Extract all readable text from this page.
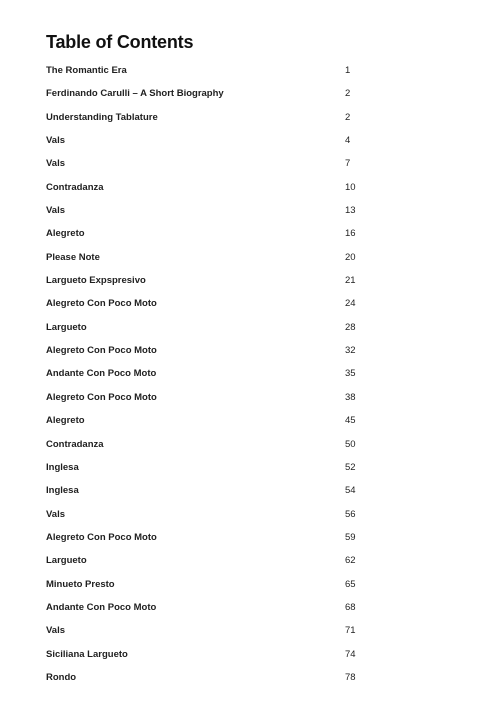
Table of Contents
The Romantic Era	1
Ferdinando Carulli – A Short Biography	2
Understanding Tablature	2
Vals	4
Vals	7
Contradanza	10
Vals	13
Alegreto	16
Please Note	20
Largueto Expspresivo	21
Alegreto Con Poco Moto	24
Largueto	28
Alegreto Con Poco Moto	32
Andante Con Poco Moto	35
Alegreto Con Poco Moto	38
Alegreto	45
Contradanza	50
Inglesa	52
Inglesa	54
Vals	56
Alegreto Con Poco Moto	59
Largueto	62
Minueto Presto	65
Andante Con Poco Moto	68
Vals	71
Siciliana Largueto	74
Rondo	78
